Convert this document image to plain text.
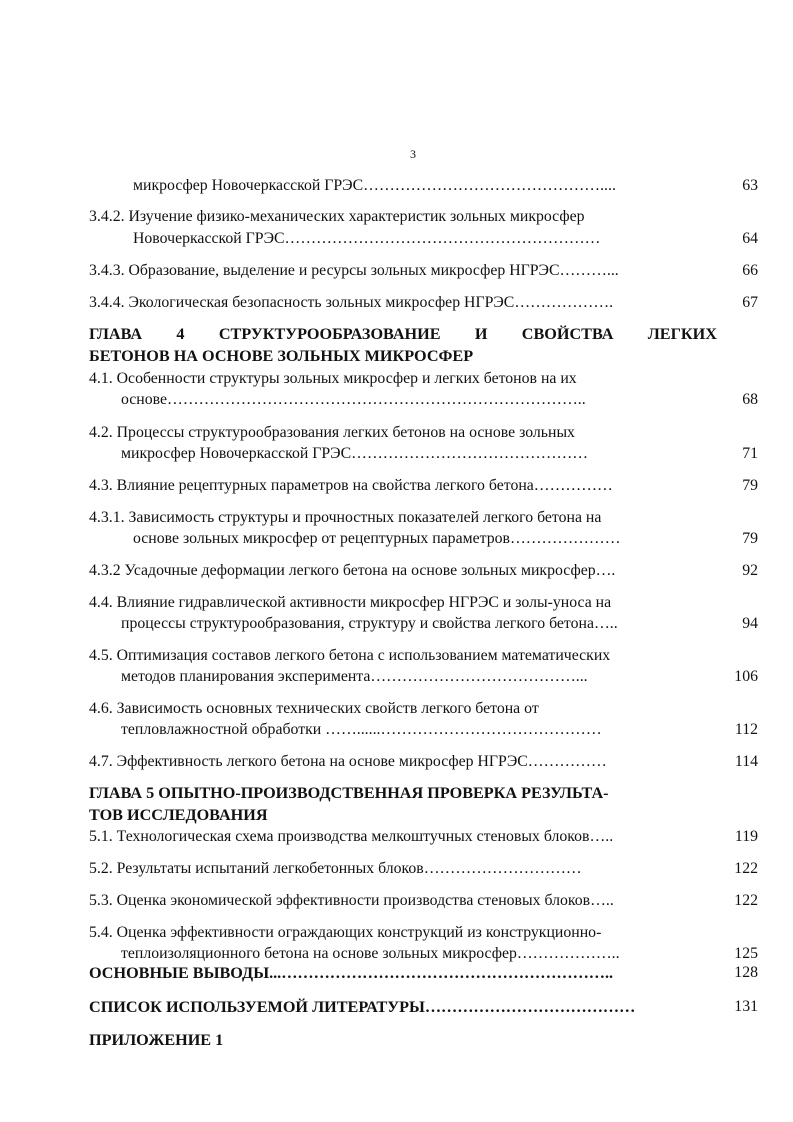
3
микросфер Новочеркасской ГРЭС………………………………………....	63
3.4.2. Изучение физико-механических характеристик зольных микросфер
Новочеркасской ГРЭС……………………………………………………	64
3.4.3. Образование, выделение и ресурсы зольных микросфер НГРЭС………...	66
3.4.4. Экологическая безопасность зольных микросфер НГРЭС……………….	67
ГЛАВА 4 СТРУКТУРООБРАЗОВАНИЕ И СВОЙСТВА ЛЕГКИХ
БЕТОНОВ НА ОСНОВЕ ЗОЛЬНЫХ МИКРОСФЕР
4.1. Особенности структуры зольных микросфер и легких бетонов на их
основе……………………………………………………………………..	68
4.2. Процессы структурообразования легких бетонов на основе зольных
микросфер Новочеркасской ГРЭС………………………………………	71
4.3. Влияние рецептурных параметров на свойства легкого бетона……………	79
4.3.1. Зависимость структуры и прочностных показателей легкого бетона на
основе зольных микросфер от рецептурных параметров…………………	79
4.3.2 Усадочные деформации легкого бетона на основе зольных микросфер….	92
4.4. Влияние гидравлической активности микросфер НГРЭС и золы-уноса на
процессы структурообразования, структуру и свойства легкого бетона…..	94
4.5. Оптимизация составов легкого бетона с использованием математических
методов планирования эксперимента…………………………………...	106
4.6. Зависимость основных технических свойств легкого бетона от
тепловлажностной обработки ……......……………………………………	112
4.7. Эффективность легкого бетона на основе микросфер НГРЭС……………	114
ГЛАВА 5 ОПЫТНО-ПРОИЗВОДСТВЕННАЯ ПРОВЕРКА РЕЗУЛЬТА-
ТОВ ИССЛЕДОВАНИЯ
5.1. Технологическая схема производства мелкоштучных стеновых блоков…..	119
5.2. Результаты испытаний легкобетонных блоков…………………………	122
5.3. Оценка экономической эффективности производства стеновых блоков…..	122
5.4. Оценка эффективности ограждающих конструкций из конструкционно-
теплоизоляционного бетона на основе зольных микросфер………………..	125
ОСНОВНЫЕ ВЫВОДЫ...……………………………………………………..	128
СПИСОК ИСПОЛЬЗУЕМОЙ ЛИТЕРАТУРЫ…………………………………	131
ПРИЛОЖЕНИЕ 1
